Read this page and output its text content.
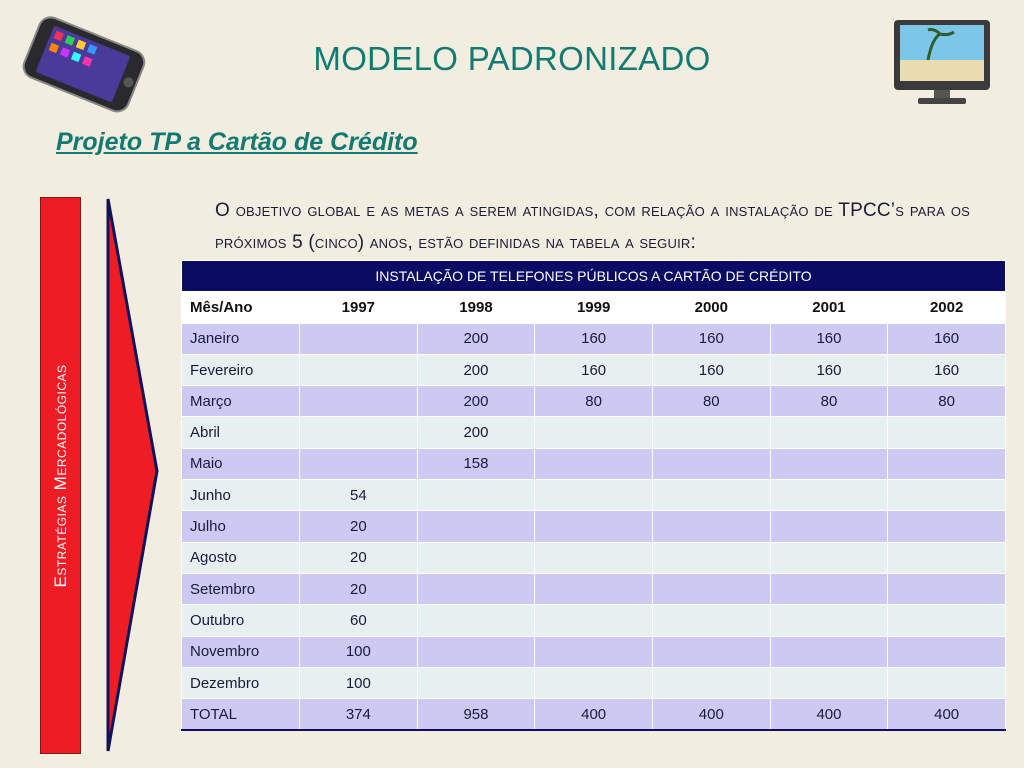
MODELO PADRONIZADO
Projeto TP a Cartão de Crédito
Estratégias Mercadológicas
O objetivo global e as metas a serem atingidas, com relação a instalação de TPCC’s para os próximos 5 (cinco) anos, estão definidas na tabela a seguir:
INSTALAÇÃO DE TELEFONES PÚBLICOS A CARTÃO DE CRÉDITO						
Mês/Ano	1997	1998	1999	2000	2001	2002
Janeiro		200	160	160	160	160
Fevereiro		200	160	160	160	160
Março		200	80	80	80	80
Abril		200				
Maio		158				
Junho	54					
Julho	20					
Agosto	20					
Setembro	20					
Outubro	60					
Novembro	100					
Dezembro	100					
TOTAL	374	958	400	400	400	400
